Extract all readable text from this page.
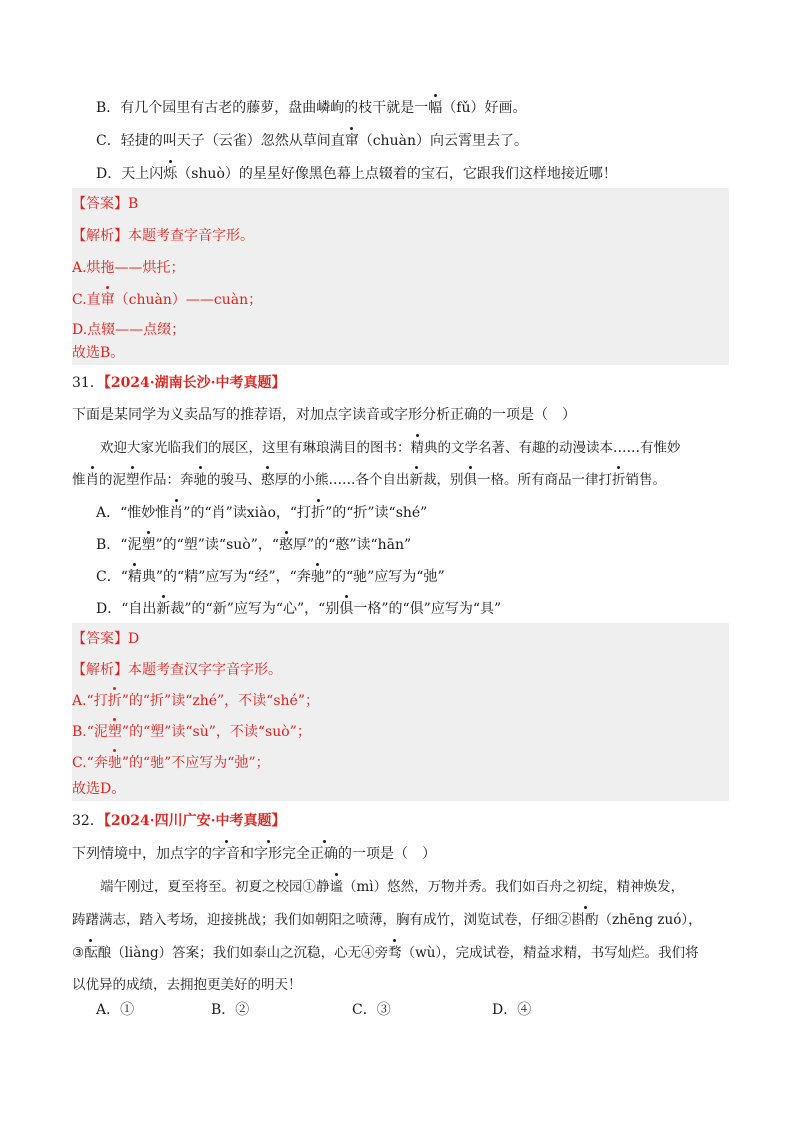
B．有几个园里有古老的藤萝，盘曲嶙峋的枝干就是一幅（fǔ）好画。
C．轻捷的叫天子（云雀）忽然从草间直窜（chuàn）向云霄里去了。
D．天上闪烁（shuò）的星星好像黑色幕上点辍着的宝石，它跟我们这样地接近哪！
【答案】B
【解析】本题考查字音字形。
A.烘拖——烘托；
C.直窜（chuàn）——cuàn；
D.点辍——点缀；
故选B。
31．【2024·湖南长沙·中考真题】
下面是某同学为义卖品写的推荐语，对加点字读音或字形分析正确的一项是（　）
欢迎大家光临我们的展区，这里有琳琅满目的图书：精典的文学名著、有趣的动漫读本……有惟妙
惟肖的泥塑作品：奔驰的骏马、憨厚的小熊……各个自出新裁，别俱一格。所有商品一律打折销售。
A．“惟妙惟肖”的“肖”读xiào，“打折”的“折”读“shé”
B．“泥塑”的“塑”读“suò”，“憨厚”的“憨”读“hān”
C．“精典”的“精”应写为“经”，“奔驰”的“驰”应写为“弛”
D．“自出新裁”的“新”应写为“心”，“别俱一格”的“俱”应写为“具”
【答案】D
【解析】本题考查汉字字音字形。
A.“打折”的“折”读“zhé”，不读“shé”；
B.“泥塑”的“塑”读“sù”，不读“suò”；
C.“奔驰”的“驰”不应写为“弛”；
故选D。
32．【2024·四川广安·中考真题】
下列情境中，加点字的字音和字形完全正确的一项是（　）
端午刚过，夏至将至。初夏之校园①静谧（mì）悠然，万物并秀。我们如百舟之初绽，精神焕发，
踌躇满志，踏入考场，迎接挑战；我们如朝阳之喷薄，胸有成竹，浏览试卷，仔细②斟酌（zhēng zuó），
③酝酿（liàng）答案；我们如泰山之沉稳，心无④旁骛（wù），完成试卷，精益求精，书写灿烂。我们将
以优异的成绩，去拥抱更美好的明天！
A．①	B．②	C．③	D．④
